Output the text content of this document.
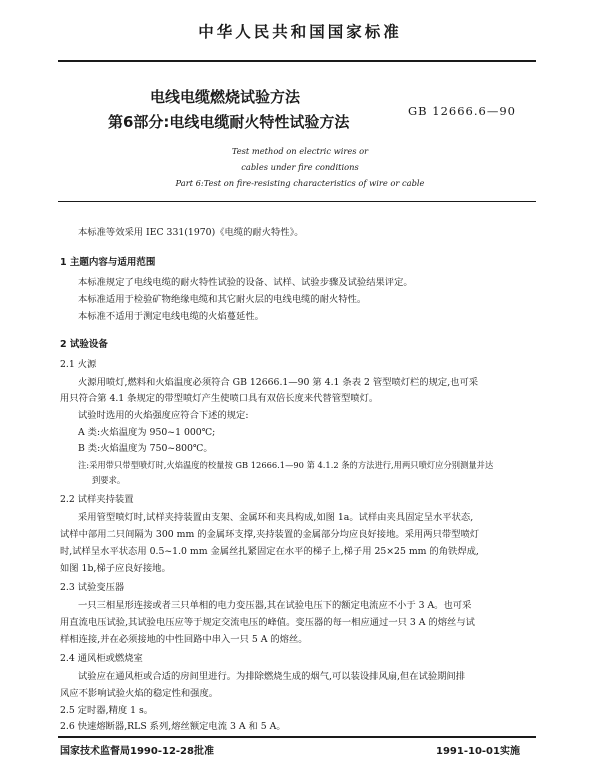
中华人民共和国国家标准
电线电缆燃烧试验方法
第6部分:电线电缆耐火特性试验方法
GB 12666.6—90
Test method on electric wires or
cables under fire conditions
Part 6:Test on fire-resisting characteristics of wire or cable
本标准等效采用 IEC 331(1970)《电缆的耐火特性》。
1 主题内容与适用范围
本标准规定了电线电缆的耐火特性试验的设备、试样、试验步骤及试验结果评定。
本标准适用于检验矿物绝缘电缆和其它耐火层的电线电缆的耐火特性。
本标准不适用于测定电线电缆的火焰蔓延性。
2 试验设备
2.1 火源
火源用喷灯,燃料和火焰温度必须符合 GB 12666.1—90 第 4.1 条表 2 管型喷灯栏的规定,也可采
用只符合第 4.1 条规定的带型喷灯产生使喷口具有双倍长度来代替管型喷灯。
试验时选用的火焰强度应符合下述的规定:
A 类:火焰温度为 950~1 000℃;
B 类:火焰温度为 750~800℃。
注:采用带只带型喷灯时,火焰温度的校量按 GB 12666.1—90 第 4.1.2 条的方法进行,用两只喷灯应分别测量并达
到要求。
2.2 试样夹持装置
采用管型喷灯时,试样夹持装置由支架、金属环和夹具构成,如图 1a。试样由夹具固定呈水平状态,
试样中部用二只间隔为 300 mm 的金属环支撑,夹持装置的金属部分均应良好接地。采用两只带型喷灯
时,试样呈水平状态用 0.5~1.0 mm 金属丝扎紧固定在水平的梯子上,梯子用 25×25 mm 的角铁焊成,
如图 1b,梯子应良好接地。
2.3 试验变压器
一只三相星形连接或者三只单相的电力变压器,其在试验电压下的额定电流应不小于 3 A。也可采
用直流电压试验,其试验电压应等于规定交流电压的峰值。变压器的每一相应通过一只 3 A 的熔丝与试
样相连接,并在必须接地的中性回路中串入一只 5 A 的熔丝。
2.4 通风柜或燃烧室
试验应在通风柜或合适的房间里进行。为排除燃烧生成的烟气,可以装设排风扇,但在试验期间排
风应不影响试验火焰的稳定性和强度。
2.5 定时器,精度 1 s。
2.6 快速熔断器,RLS 系列,熔丝额定电流 3 A 和 5 A。
国家技术监督局1990-12-28批准	1991-10-01实施
